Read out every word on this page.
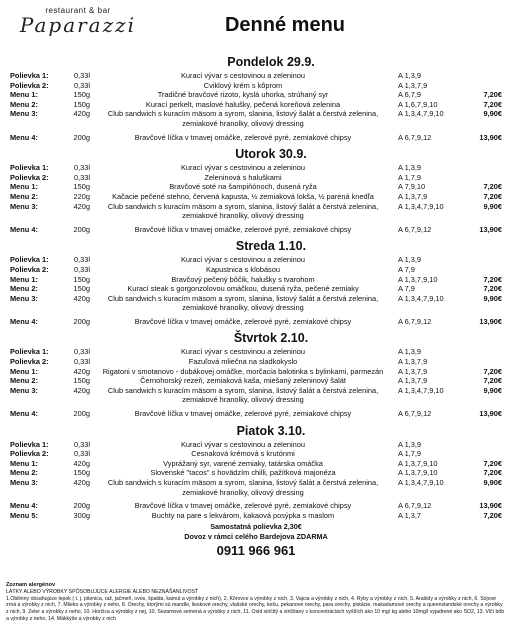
restaurant & bar
Paparazzi	Denné menu
Pondelok 29.9.
Polievka 1:	0,33l	Kurací vývar s cestovinou a zeleninou	A 1,3,9
Polievka 2:	0,33l	Cviklový krém s kôprom	A 1,3,7,9
Menu 1:	150g	Tradičné bravčové rizoto, kyslá uhorka, strúhaný syr	A 6,7,9	7,20€
Menu 2:	150g	Kurací perkelt, maslové halušky, pečená koreňová zelenina	A 1,6,7,9,10	7,20€
Menu 3:	420g	Club sandwich s kuracím mäsom a syrom, slanina, listový šalát a čerstvá zelenina, zemiakové hranolky, olivový dressing
A 1,3,4,7,9,10	9,90€
Menu 4:	200g	Bravčové líčka v tmavej omáčke, zelerové pyré, zemiakové chipsy	A 6,7,9,12	13,90€
Utorok 30.9.
Polievka 1:	0,33l	Kurací vývar s cestovinou a zeleninou	A 1,3,9
Polievka 2:	0,33l	Zeleninová s haluškami	A 1,7,9
Menu 1:	150g	Bravčové soté na šampiňónoch, dusená ryža	A 7,9,10	7,20€
Menu 2:	220g	Kačacie pečené stehno, červená kapusta, ½ zemiaková lokša, ½ parená knedľa	A 1,3,7,9	7,20€
Menu 3:	420g	Club sandwich s kuracím mäsom a syrom, slanina, listový šalát a čerstvá zelenina, zemiakové hranolky, olivový dressing
A 1,3,4,7,9,10	9,90€
Menu 4:	200g	Bravčové líčka v tmavej omáčke, zelerové pyré, zemiakové chipsy	A 6,7,9,12	13,90€
Streda 1.10.
Polievka 1:	0,33l	Kurací vývar s cestovinou a zeleninou	A 1,3,9
Polievka 2:	0,33l	Kapustnica s klobásou	A 7,9
Menu 1:	150g	Bravčový pečený bôčik, halušky s tvarohom	A 1,3,7,9,10	7,20€
Menu 2:	150g	Kurací steak s gorgonzolovou omáčkou, dusená ryža, pečené zemiaky	A 7,9	7,20€
Menu 3:	420g	Club sandwich s kuracím mäsom a syrom, slanina, listový šalát a čerstvá zelenina, zemiakové hranolky, olivový dressing
A 1,3,4,7,9,10	9,90€
Menu 4:	200g	Bravčové líčka v tmavej omáčke, zelerové pyré, zemiakové chipsy	A 6,7,9,12	13,90€
Štvrtok 2.10.
Polievka 1:	0,33l	Kurací vývar s cestovinou a zeleninou	A 1,3,9
Polievka 2:	0,33l	Fazuľová mliečna na sladkokyslo	A 1,3,7,9
Menu 1:	420g	Rigatoni v smotanovo - dubákovej omáčke, morčacia balotinka s bylinkami, parmezán	A 1,3,7,9	7,20€
Menu 2:	150g	Černohorský rezeň, zemiaková kaša, miešaný zeleninový šalát	A 1,3,7,9	7,20€
Menu 3:	420g	Club sandwich s kuracím mäsom a syrom, slanina, listový šalát a čerstvá zelenina, zemiakové hranolky, olivový dressing
A 1,3,4,7,9,10	9,90€
Menu 4:	200g	Bravčové líčka v tmavej omáčke, zelerové pyré, zemiakové chipsy	A 6,7,9,12	13,90€
Piatok 3.10.
Polievka 1:	0,33l	Kurací vývar s cestovinou a zeleninou	A 1,3,9
Polievka 2:	0,33l	Cesnaková krémová s krutónmi	A 1,7,9
Menu 1:	420g	Vyprážaný syr, varené zemiaky, tatárska omáčka	A 1,3,7,9,10	7,20€
Menu 2:	150g	Slovenské "tacos" s hovädzím chilli, pažítková majonéza	A 1,3,7,9,10	7,20€
Menu 3:	420g	Club sandwich s kuracím mäsom a syrom, slanina, listový šalát a čerstvá zelenina, zemiakové hranolky, olivový dressing
A 1,3,4,7,9,10	9,90€
Menu 4:	200g	Bravčové líčka v tmavej omáčke, zelerové pyré, zemiakové chipsy	A 6,7,9,12	13,90€
Menu 5:	300g	Buchty na pare s lekvárom, kakaová posýpka s maslom	A 1,3,7	7,20€
Samostatná polievka 2,30€
Dovoz v rámci celého Bardejova ZDARMA
0911 966 961
Zoznam alergénov
LÁTKY ALEBO VÝROBKY SPÔSOBUJÚCE ALERGIE ALEBO NEZNÁŠANLIVOSŤ
1.Obilniny obsahujúce lepok ( t. j. pšenica, raž, jačmeň, ovos, špalda, kamut a výrobky z nich), 2. Kôrovce a výrobky z nich, 3. Vajcia a výrobky z nich, 4. Ryby a výrobky z nich, 5. Arašidy a výrobky z nich, 6. Sójové zrná a výrobky z nich, 7. Mlieko a výrobky z neho, 8. Orechy, ktorými sú mandle, lieskové orechy, vlašské orechy, kešu, pekanové orechy, para orechy, pistácie, makadamové orechy a queenslandské orechy a výrobky z nich, 9. Zeler a výrobky z neho, 10. Horčica a výrobky z nej, 10. Sezamové semená a výrobky z nich, 11. Oxid siričitý a siričitany v koncentráciách vyšších ako 10 mg/ kg alebo 10mg/l vyjadrené ako SO2, 13. Vlčí bôb a výrobky z neho, 14. Mäkkýše a výrobky z nich
